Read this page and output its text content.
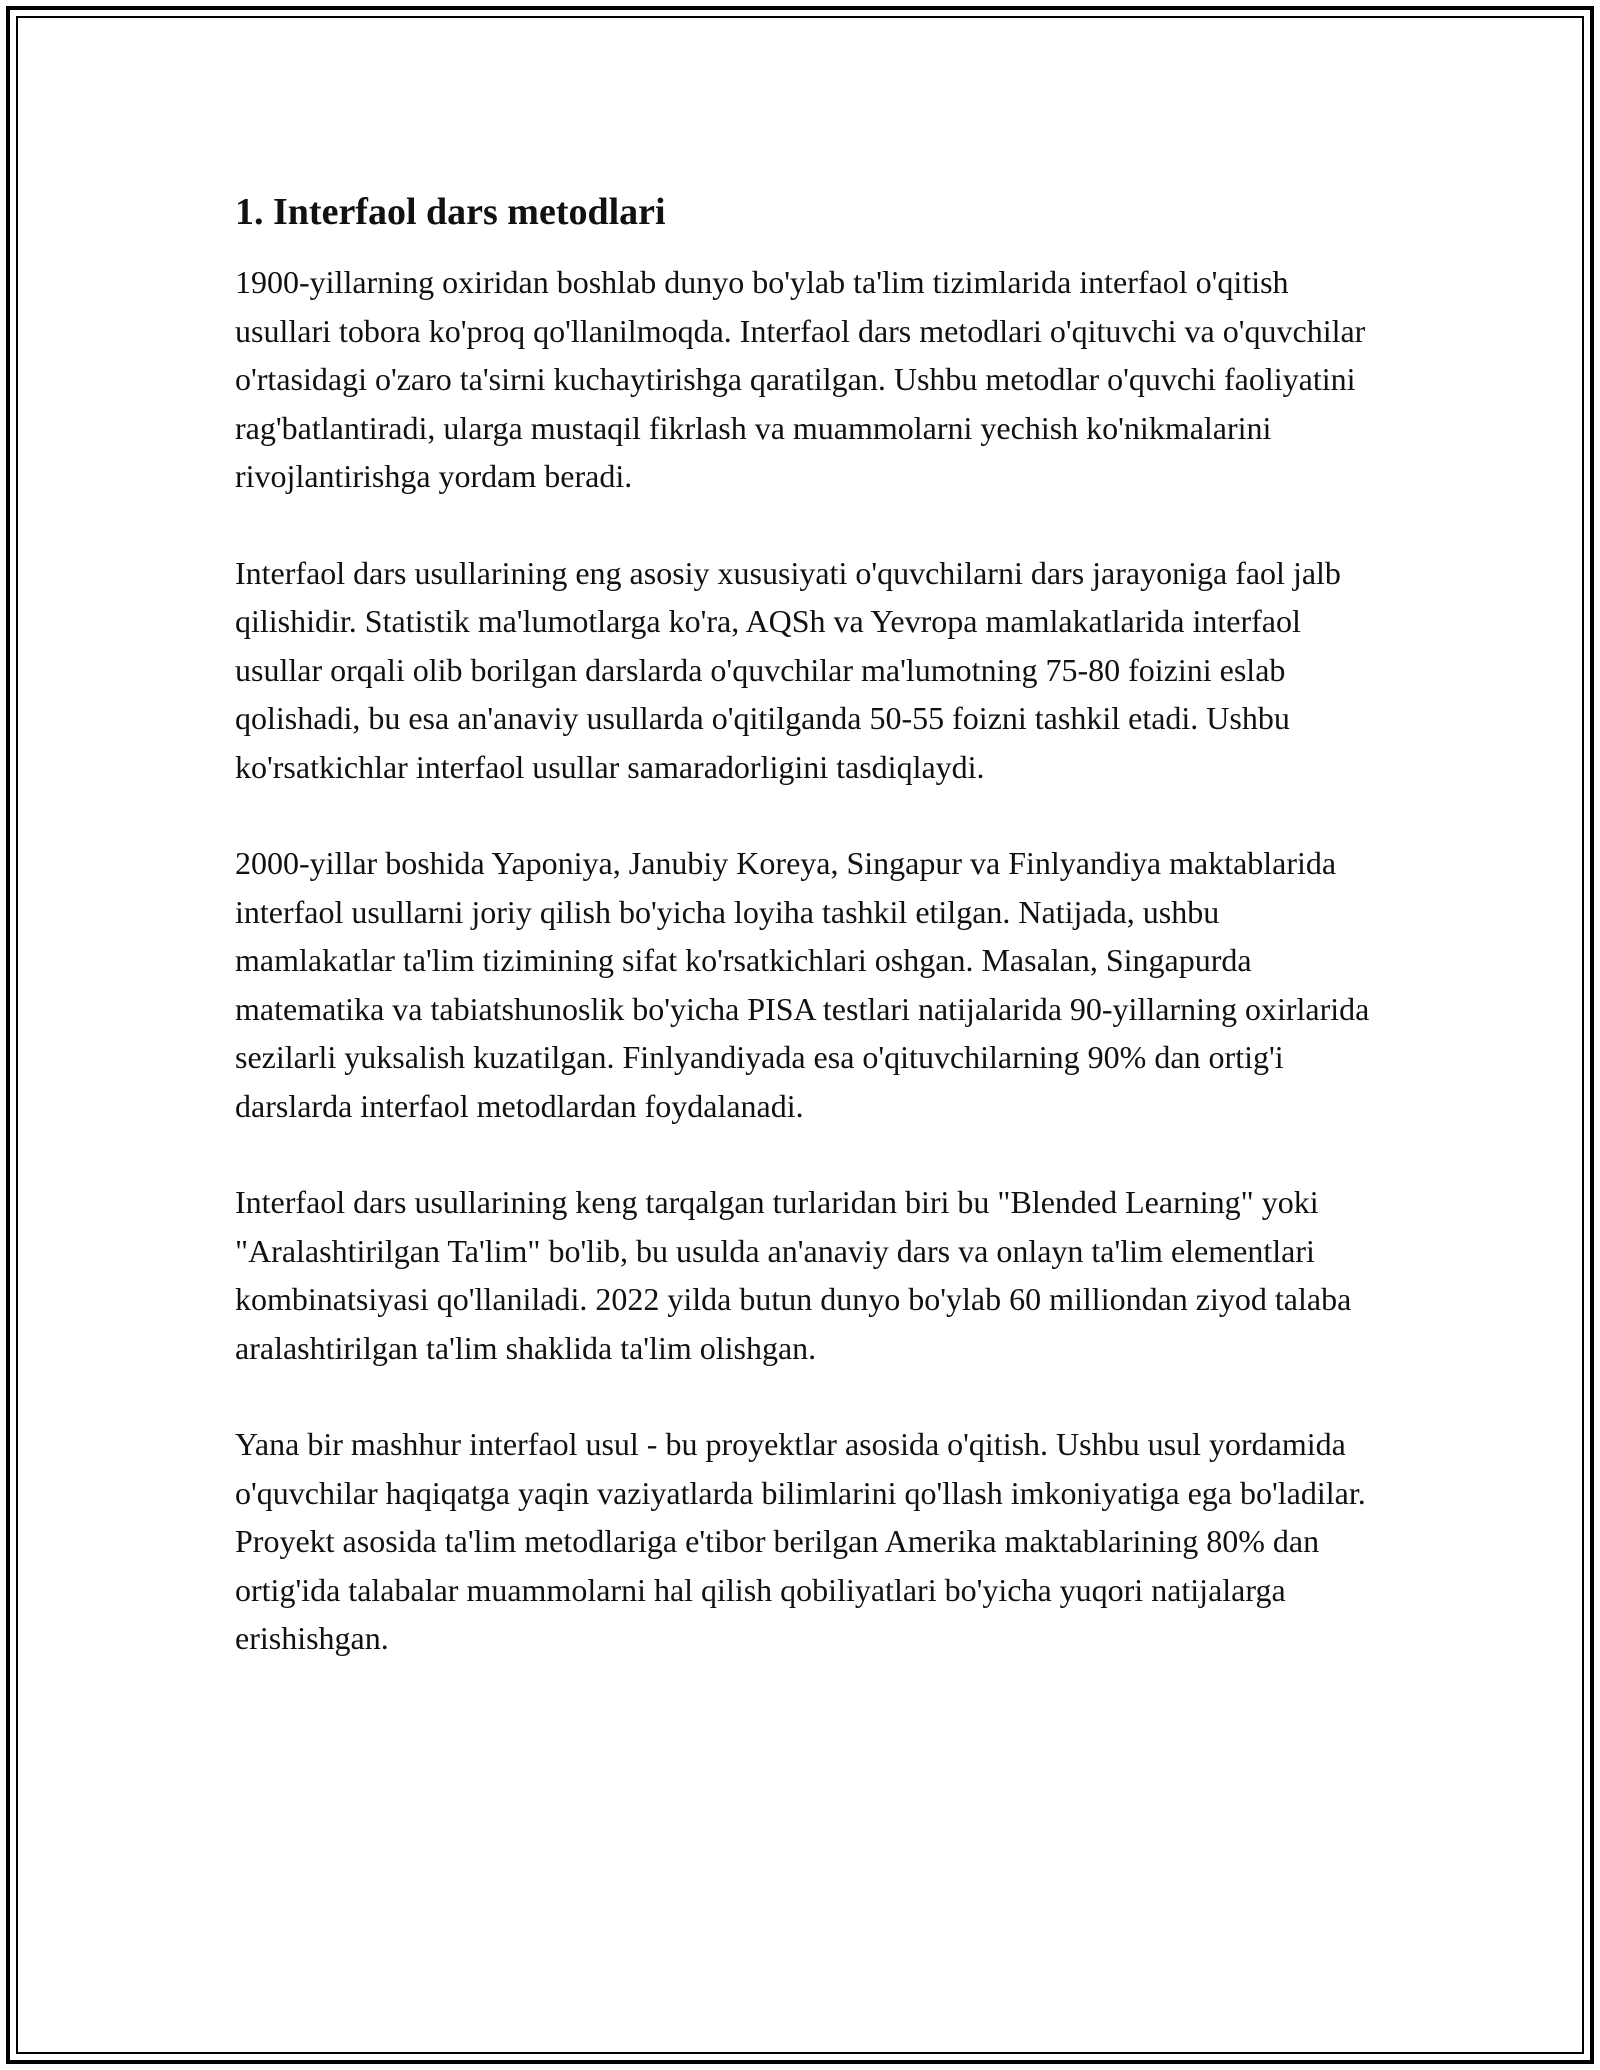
1. Interfaol dars metodlari

1900-yillarning oxiridan boshlab dunyo bo'ylab ta'lim tizimlarida interfaol o'qitish usullari tobora ko'proq qo'llanilmoqda. Interfaol dars metodlari o'qituvchi va o'quvchilar o'rtasidagi o'zaro ta'sirni kuchaytirishga qaratilgan. Ushbu metodlar o'quvchi faoliyatini rag'batlantiradi, ularga mustaqil fikrlash va muammolarni yechish ko'nikmalarini rivojlantirishga yordam beradi.

Interfaol dars usullarining eng asosiy xususiyati o'quvchilarni dars jarayoniga faol jalb qilishidir. Statistik ma'lumotlarga ko'ra, AQSh va Yevropa mamlakatlarida interfaol usullar orqali olib borilgan darslarda o'quvchilar ma'lumotning 75-80 foizini eslab qolishadi, bu esa an'anaviy usullarda o'qitilganda 50-55 foizni tashkil etadi. Ushbu ko'rsatkichlar interfaol usullar samaradorligini tasdiqlaydi.

2000-yillar boshida Yaponiya, Janubiy Koreya, Singapur va Finlyandiya maktablarida interfaol usullarni joriy qilish bo'yicha loyiha tashkil etilgan. Natijada, ushbu mamlakatlar ta'lim tizimining sifat ko'rsatkichlari oshgan. Masalan, Singapurda matematika va tabiatshunoslik bo'yicha PISA testlari natijalarida 90-yillarning oxirlarida sezilarli yuksalish kuzatilgan. Finlyandiyada esa o'qituvchilarning 90% dan ortig'i darslarda interfaol metodlardan foydalanadi.

Interfaol dars usullarining keng tarqalgan turlaridan biri bu "Blended Learning" yoki "Aralashtirilgan Ta'lim" bo'lib, bu usulda an'anaviy dars va onlayn ta'lim elementlari kombinatsiyasi qo'llaniladi. 2022 yilda butun dunyo bo'ylab 60 milliondan ziyod talaba aralashtirilgan ta'lim shaklida ta'lim olishgan.

Yana bir mashhur interfaol usul - bu proyektlar asosida o'qitish. Ushbu usul yordamida o'quvchilar haqiqatga yaqin vaziyatlarda bilimlarini qo'llash imkoniyatiga ega bo'ladilar. Proyekt asosida ta'lim metodlariga e'tibor berilgan Amerika maktablarining 80% dan ortig'ida talabalar muammolarni hal qilish qobiliyatlari bo'yicha yuqori natijalarga erishishgan.
